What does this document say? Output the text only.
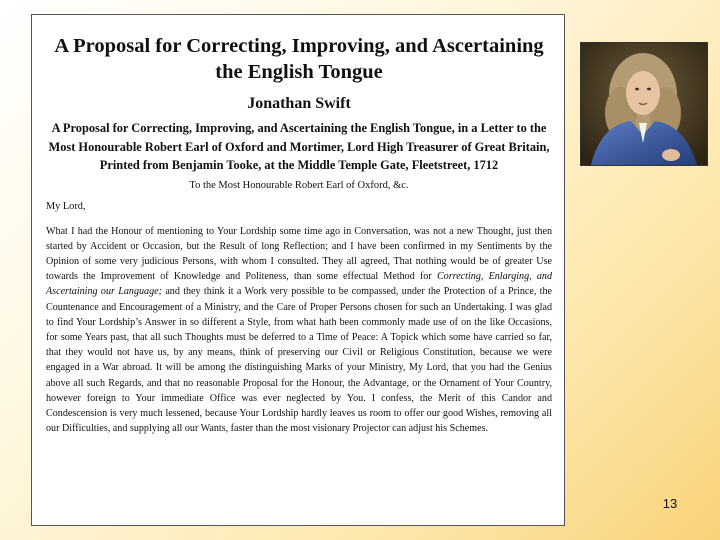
A Proposal for Correcting, Improving, and Ascertaining the English Tongue
Jonathan Swift
A Proposal for Correcting, Improving, and Ascertaining the English Tongue, in a Letter to the Most Honourable Robert Earl of Oxford and Mortimer, Lord High Treasurer of Great Britain, Printed from Benjamin Tooke, at the Middle Temple Gate, Fleetstreet, 1712
To the Most Honourable Robert Earl of Oxford, &c.
My Lord,

What I had the Honour of mentioning to Your Lordship some time ago in Conversation, was not a new Thought, just then started by Accident or Occasion, but the Result of long Reflection; and I have been confirmed in my Sentiments by the Opinion of some very judicious Persons, with whom I consulted. They all agreed, That nothing would be of greater Use towards the Improvement of Knowledge and Politeness, than some effectual Method for Correcting, Enlarging, and Ascertaining our Language; and they think it a Work very possible to be compassed, under the Protection of a Prince, the Countenance and Encouragement of a Ministry, and the Care of Proper Persons chosen for such an Undertaking. I was glad to find Your Lordship’s Answer in so different a Style, from what hath been commonly made use of on the like Occasions, for some Years past, that all such Thoughts must be deferred to a Time of Peace: A Topick which some have carried so far, that they would not have us, by any means, think of preserving our Civil or Religious Constitution, because we were engaged in a War abroad. It will be among the distinguishing Marks of your Ministry, My Lord, that you had the Genius above all such Regards, and that no reasonable Proposal for the Honour, the Advantage, or the Ornament of Your Country, however foreign to Your immediate Office was ever neglected by You. I confess, the Merit of this Candor and Condescension is very much lessened, because Your Lordship hardly leaves us room to offer our good Wishes, removing all our Difficulties, and supplying all our Wants, faster than the most visionary Projector can adjust his Schemes.

13
